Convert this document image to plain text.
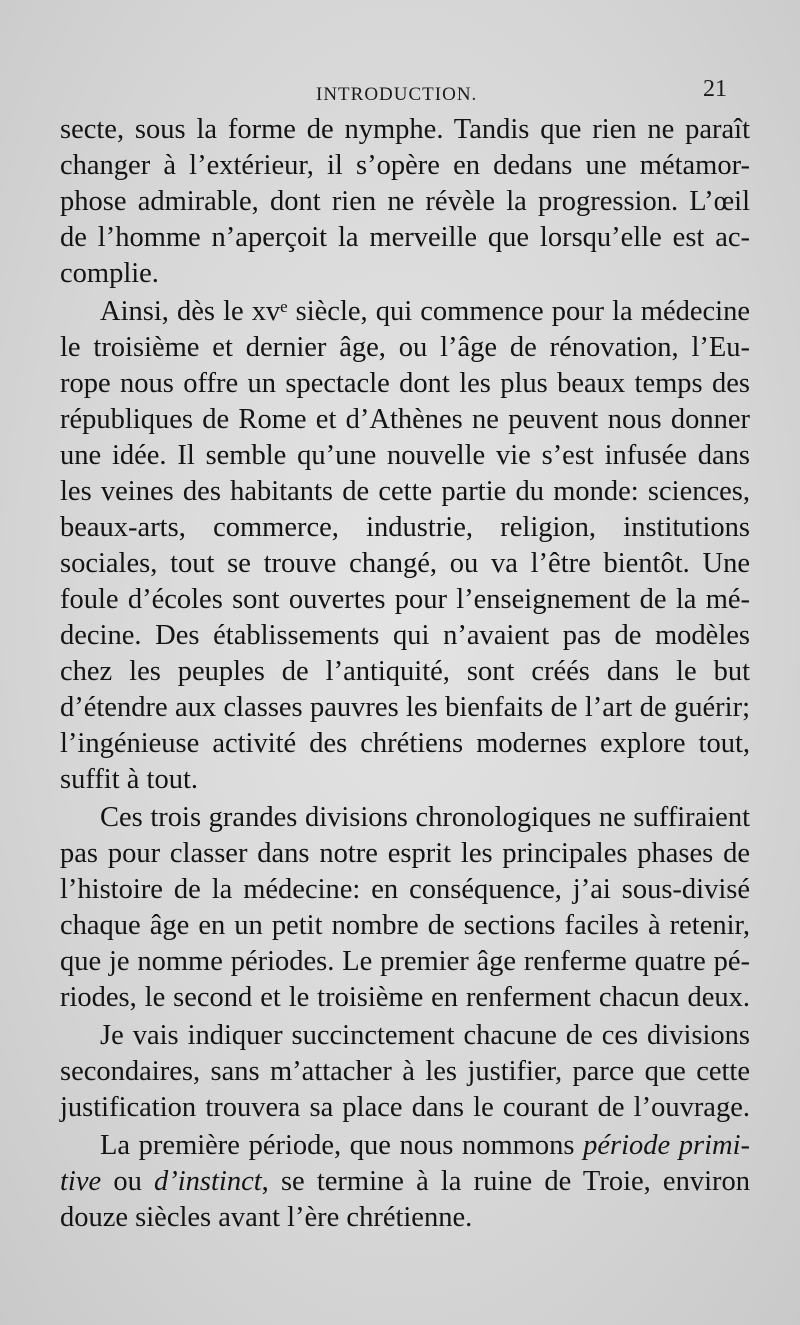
INTRODUCTION.	21
secte, sous la forme de nymphe. Tandis que rien ne paraît
changer à l’extérieur, il s’opère en dedans une métamor-
phose admirable, dont rien ne révèle la progression. L’œil
de l’homme n’aperçoit la merveille que lorsqu’elle est ac-
complie.
Ainsi, dès le xvᵉ siècle, qui commence pour la médecine
le troisième et dernier âge, ou l’âge de rénovation, l’Eu-
rope nous offre un spectacle dont les plus beaux temps des
républiques de Rome et d’Athènes ne peuvent nous donner
une idée. Il semble qu’une nouvelle vie s’est infusée dans
les veines des habitants de cette partie du monde: sciences,
beaux-arts, commerce, industrie, religion, institutions
sociales, tout se trouve changé, ou va l’être bientôt. Une
foule d’écoles sont ouvertes pour l’enseignement de la mé-
decine. Des établissements qui n’avaient pas de modèles
chez les peuples de l’antiquité, sont créés dans le but
d’étendre aux classes pauvres les bienfaits de l’art de guérir;
l’ingénieuse activité des chrétiens modernes explore tout,
suffit à tout.
Ces trois grandes divisions chronologiques ne suffiraient
pas pour classer dans notre esprit les principales phases de
l’histoire de la médecine: en conséquence, j’ai sous-divisé
chaque âge en un petit nombre de sections faciles à retenir,
que je nomme périodes. Le premier âge renferme quatre pé-
riodes, le second et le troisième en renferment chacun deux.
Je vais indiquer succinctement chacune de ces divisions
secondaires, sans m’attacher à les justifier, parce que cette
justification trouvera sa place dans le courant de l’ouvrage.
La première période, que nous nommons période primi-
tive ou d’instinct, se termine à la ruine de Troie, environ
douze siècles avant l’ère chrétienne.
